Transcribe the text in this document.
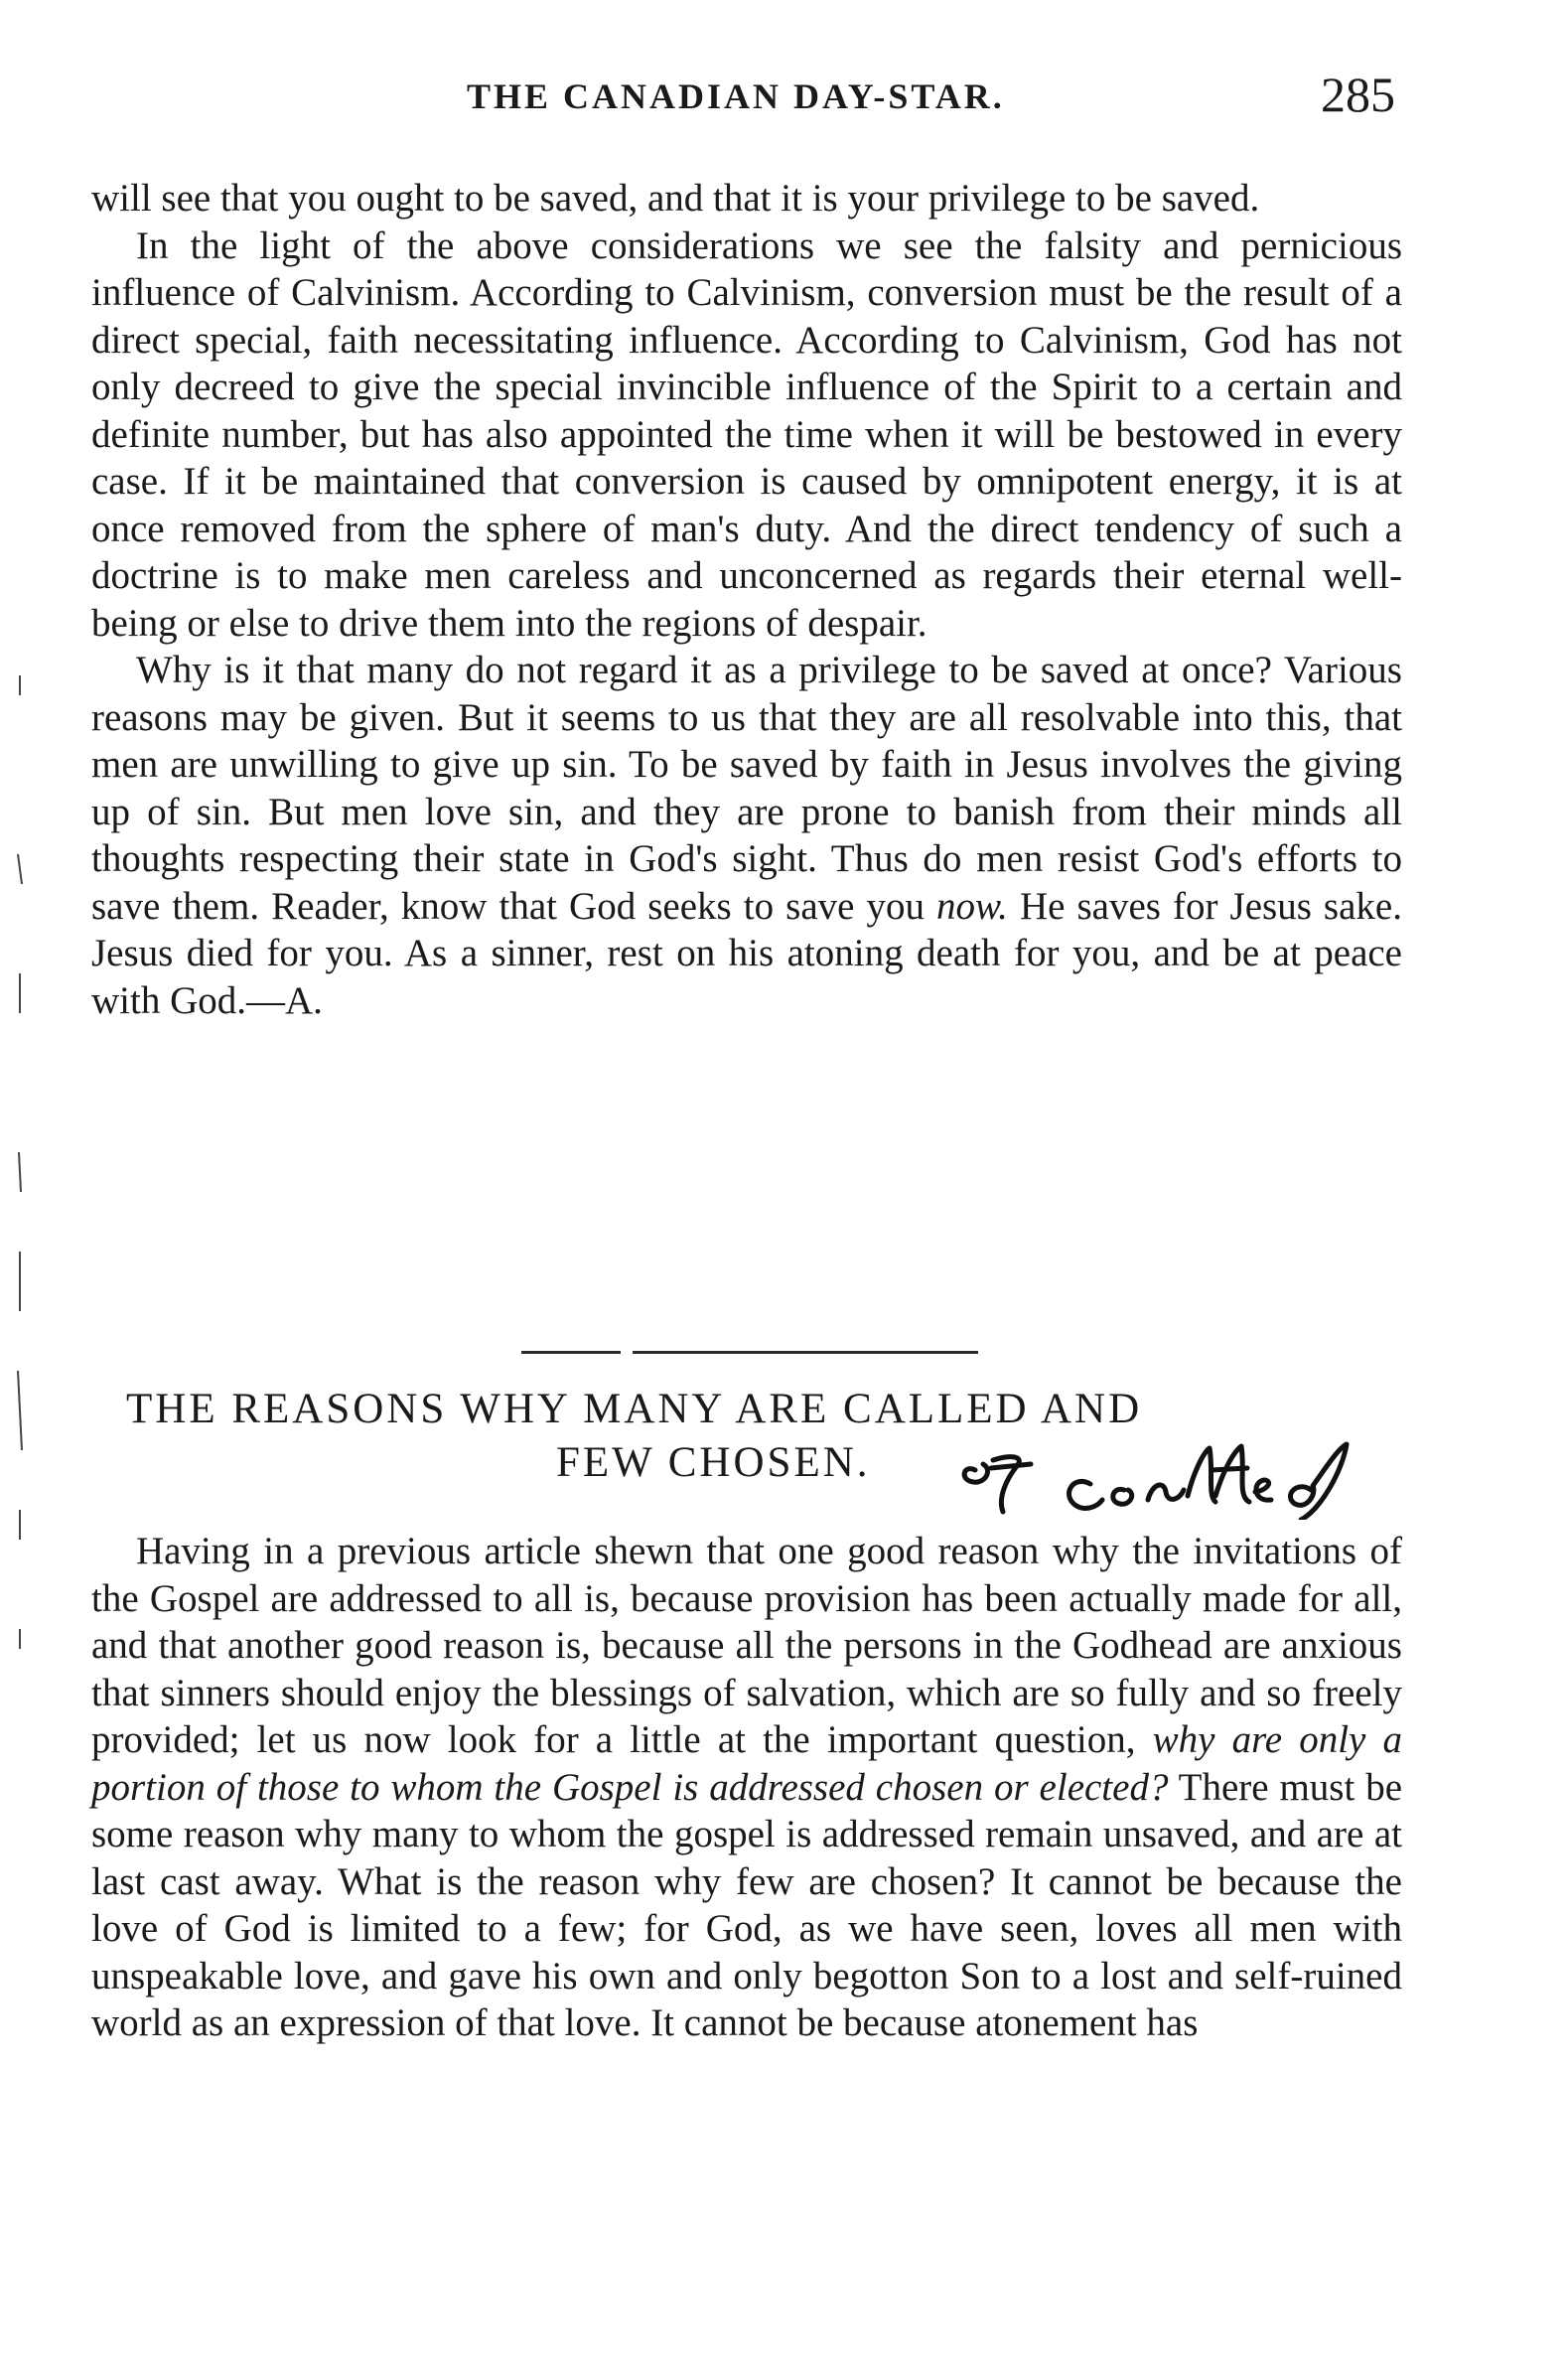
THE CANADIAN DAY-STAR.	285

will see that you ought to be saved, and that it is your privilege to be saved.

In the light of the above considerations we see the falsity and pernicious influence of Calvinism. According to Calvinism, conversion must be the result of a direct special, faith necessitating influence. According to Calvinism, God has not only decreed to give the special invincible influence of the Spirit to a certain and definite number, but has also appointed the time when it will be bestowed in every case. If it be maintained that conversion is caused by omnipotent energy, it is at once removed from the sphere of man's duty. And the direct tendency of such a doctrine is to make men careless and unconcerned as regards their eternal well-being or else to drive them into the regions of despair.

Why is it that many do not regard it as a privilege to be saved at once? Various reasons may be given. But it seems to us that they are all resolvable into this, that men are unwilling to give up sin. To be saved by faith in Jesus involves the giving up of sin. But men love sin, and they are prone to banish from their minds all thoughts respecting their state in God's sight. Thus do men resist God's efforts to save them. Reader, know that God seeks to save you now. He saves for Jesus sake. Jesus died for you. As a sinner, rest on his atoning death for you, and be at peace with God.—A.

THE REASONS WHY MANY ARE CALLED AND
FEW CHOSEN.

Having in a previous article shewn that one good reason why the invitations of the Gospel are addressed to all is, because provision has been actually made for all, and that another good reason is, because all the persons in the Godhead are anxious that sinners should enjoy the blessings of salvation, which are so fully and so freely provided; let us now look for a little at the important question, why are only a portion of those to whom the Gospel is addressed chosen or elected? There must be some reason why many to whom the gospel is addressed remain unsaved, and are at last cast away. What is the reason why few are chosen? It cannot be because the love of God is limited to a few; for God, as we have seen, loves all men with unspeakable love, and gave his own and only begotton Son to a lost and self-ruined world as an expression of that love. It cannot be because atonement has
